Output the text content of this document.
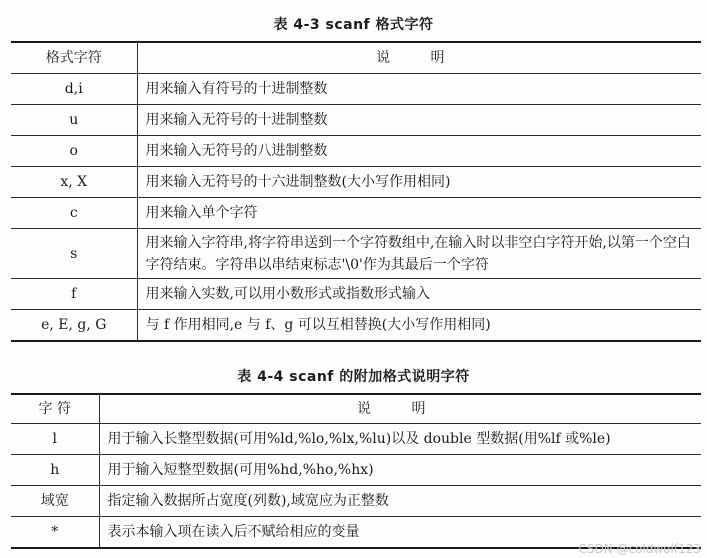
表 4-3 scanf 格式字符
格式字符	说 明
d,i	用来输入有符号的十进制整数
u	用来输入无符号的十进制整数
o	用来输入无符号的八进制整数
x, X	用来输入无符号的十六进制整数(大小写作用相同)
c	用来输入单个字符
s	用来输入字符串,将字符串送到一个字符数组中,在输入时以非空白字符开始,以第一个空白字符结束。字符串以串结束标志'\0'作为其最后一个字符
f	用来输入实数,可以用小数形式或指数形式输入
e, E, g, G	与 f 作用相同,e 与 f、g 可以互相替换(大小写作用相同)
表 4-4 scanf 的附加格式说明字符
字 符	说 明
l	用于输入长整型数据(可用%ld,%lo,%lx,%lu)以及 double 型数据(用%lf 或%le)
h	用于输入短整型数据(可用%hd,%ho,%hx)
域宽	指定输入数据所占宽度(列数),域宽应为正整数
*	表示本输入项在读入后不赋给相应的变量
CSDN @coldwolf123
